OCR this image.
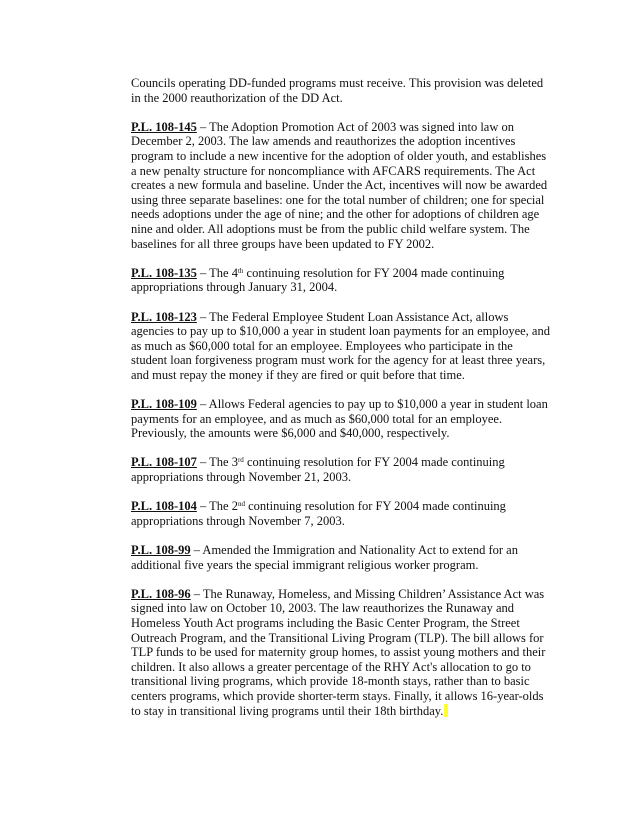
Councils operating DD-funded programs must receive. This provision was deleted in the 2000 reauthorization of the DD Act.

P.L. 108-145 – The Adoption Promotion Act of 2003 was signed into law on December 2, 2003. The law amends and reauthorizes the adoption incentives program to include a new incentive for the adoption of older youth, and establishes a new penalty structure for noncompliance with AFCARS requirements. The Act creates a new formula and baseline. Under the Act, incentives will now be awarded using three separate baselines: one for the total number of children; one for special needs adoptions under the age of nine; and the other for adoptions of children age nine and older. All adoptions must be from the public child welfare system. The baselines for all three groups have been updated to FY 2002.

P.L. 108-135 – The 4th continuing resolution for FY 2004 made continuing appropriations through January 31, 2004.

P.L. 108-123 – The Federal Employee Student Loan Assistance Act, allows agencies to pay up to $10,000 a year in student loan payments for an employee, and as much as $60,000 total for an employee. Employees who participate in the student loan forgiveness program must work for the agency for at least three years, and must repay the money if they are fired or quit before that time.

P.L. 108-109 – Allows Federal agencies to pay up to $10,000 a year in student loan payments for an employee, and as much as $60,000 total for an employee. Previously, the amounts were $6,000 and $40,000, respectively.

P.L. 108-107 – The 3rd continuing resolution for FY 2004 made continuing appropriations through November 21, 2003.

P.L. 108-104 – The 2nd continuing resolution for FY 2004 made continuing appropriations through November 7, 2003.

P.L. 108-99 – Amended the Immigration and Nationality Act to extend for an additional five years the special immigrant religious worker program.

P.L. 108-96 – The Runaway, Homeless, and Missing Children’ Assistance Act was signed into law on October 10, 2003. The law reauthorizes the Runaway and Homeless Youth Act programs including the Basic Center Program, the Street Outreach Program, and the Transitional Living Program (TLP). The bill allows for TLP funds to be used for maternity group homes, to assist young mothers and their children. It also allows a greater percentage of the RHY Act's allocation to go to transitional living programs, which provide 18-month stays, rather than to basic centers programs, which provide shorter-term stays. Finally, it allows 16-year-olds to stay in transitional living programs until their 18th birthday.
